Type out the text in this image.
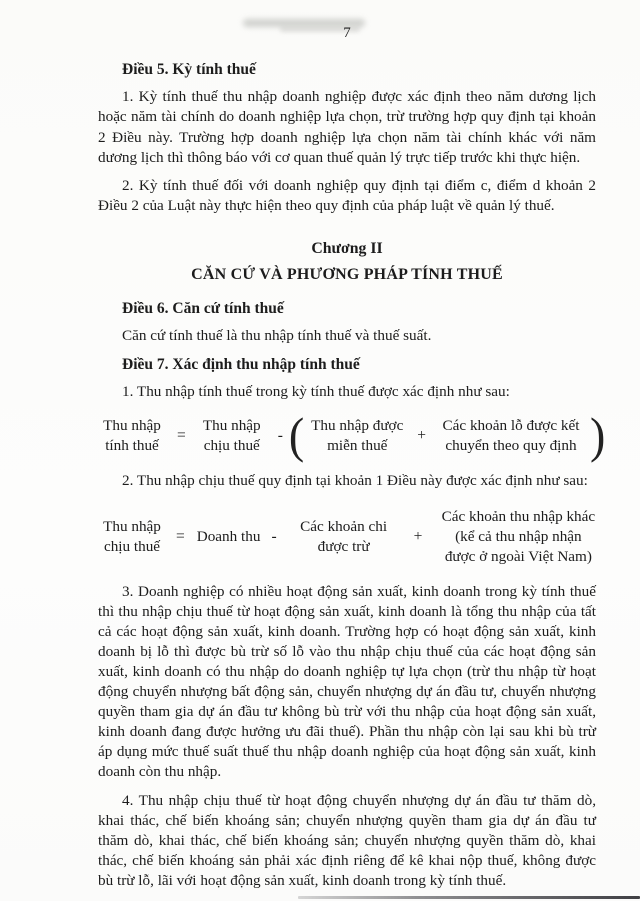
7
Điều 5. Kỳ tính thuế

1. Kỳ tính thuế thu nhập doanh nghiệp được xác định theo năm dương lịch hoặc năm tài chính do doanh nghiệp lựa chọn, trừ trường hợp quy định tại khoản 2 Điều này. Trường hợp doanh nghiệp lựa chọn năm tài chính khác với năm dương lịch thì thông báo với cơ quan thuế quản lý trực tiếp trước khi thực hiện.

2. Kỳ tính thuế đối với doanh nghiệp quy định tại điểm c, điểm d khoản 2 Điều 2 của Luật này thực hiện theo quy định của pháp luật về quản lý thuế.

Chương II
CĂN CỨ VÀ PHƯƠNG PHÁP TÍNH THUẾ
Điều 6. Căn cứ tính thuế

Căn cứ tính thuế là thu nhập tính thuế và thuế suất.

Điều 7. Xác định thu nhập tính thuế

1. Thu nhập tính thuế trong kỳ tính thuế được xác định như sau:

Thu nhập
tính thuế
=
Thu nhập
chịu thuế
- ( Thu nhập được
miễn thuế
+
Các khoản lỗ được kết
chuyển theo quy định )

2. Thu nhập chịu thuế quy định tại khoản 1 Điều này được xác định như sau:

Thu nhập
chịu thuế
= Doanh thu -
Các khoản chi
được trừ
+
Các khoản thu nhập khác
(kể cả thu nhập nhận
được ở ngoài Việt Nam)

3. Doanh nghiệp có nhiều hoạt động sản xuất, kinh doanh trong kỳ tính thuế thì thu nhập chịu thuế từ hoạt động sản xuất, kinh doanh là tổng thu nhập của tất cả các hoạt động sản xuất, kinh doanh. Trường hợp có hoạt động sản xuất, kinh doanh bị lỗ thì được bù trừ số lỗ vào thu nhập chịu thuế của các hoạt động sản xuất, kinh doanh có thu nhập do doanh nghiệp tự lựa chọn (trừ thu nhập từ hoạt động chuyển nhượng bất động sản, chuyển nhượng dự án đầu tư, chuyển nhượng quyền tham gia dự án đầu tư không bù trừ với thu nhập của hoạt động sản xuất, kinh doanh đang được hưởng ưu đãi thuế). Phần thu nhập còn lại sau khi bù trừ áp dụng mức thuế suất thuế thu nhập doanh nghiệp của hoạt động sản xuất, kinh doanh còn thu nhập.

4. Thu nhập chịu thuế từ hoạt động chuyển nhượng dự án đầu tư thăm dò, khai thác, chế biến khoáng sản; chuyển nhượng quyền tham gia dự án đầu tư thăm dò, khai thác, chế biến khoáng sản; chuyển nhượng quyền thăm dò, khai thác, chế biến khoáng sản phải xác định riêng để kê khai nộp thuế, không được bù trừ lỗ, lãi với hoạt động sản xuất, kinh doanh trong kỳ tính thuế.
